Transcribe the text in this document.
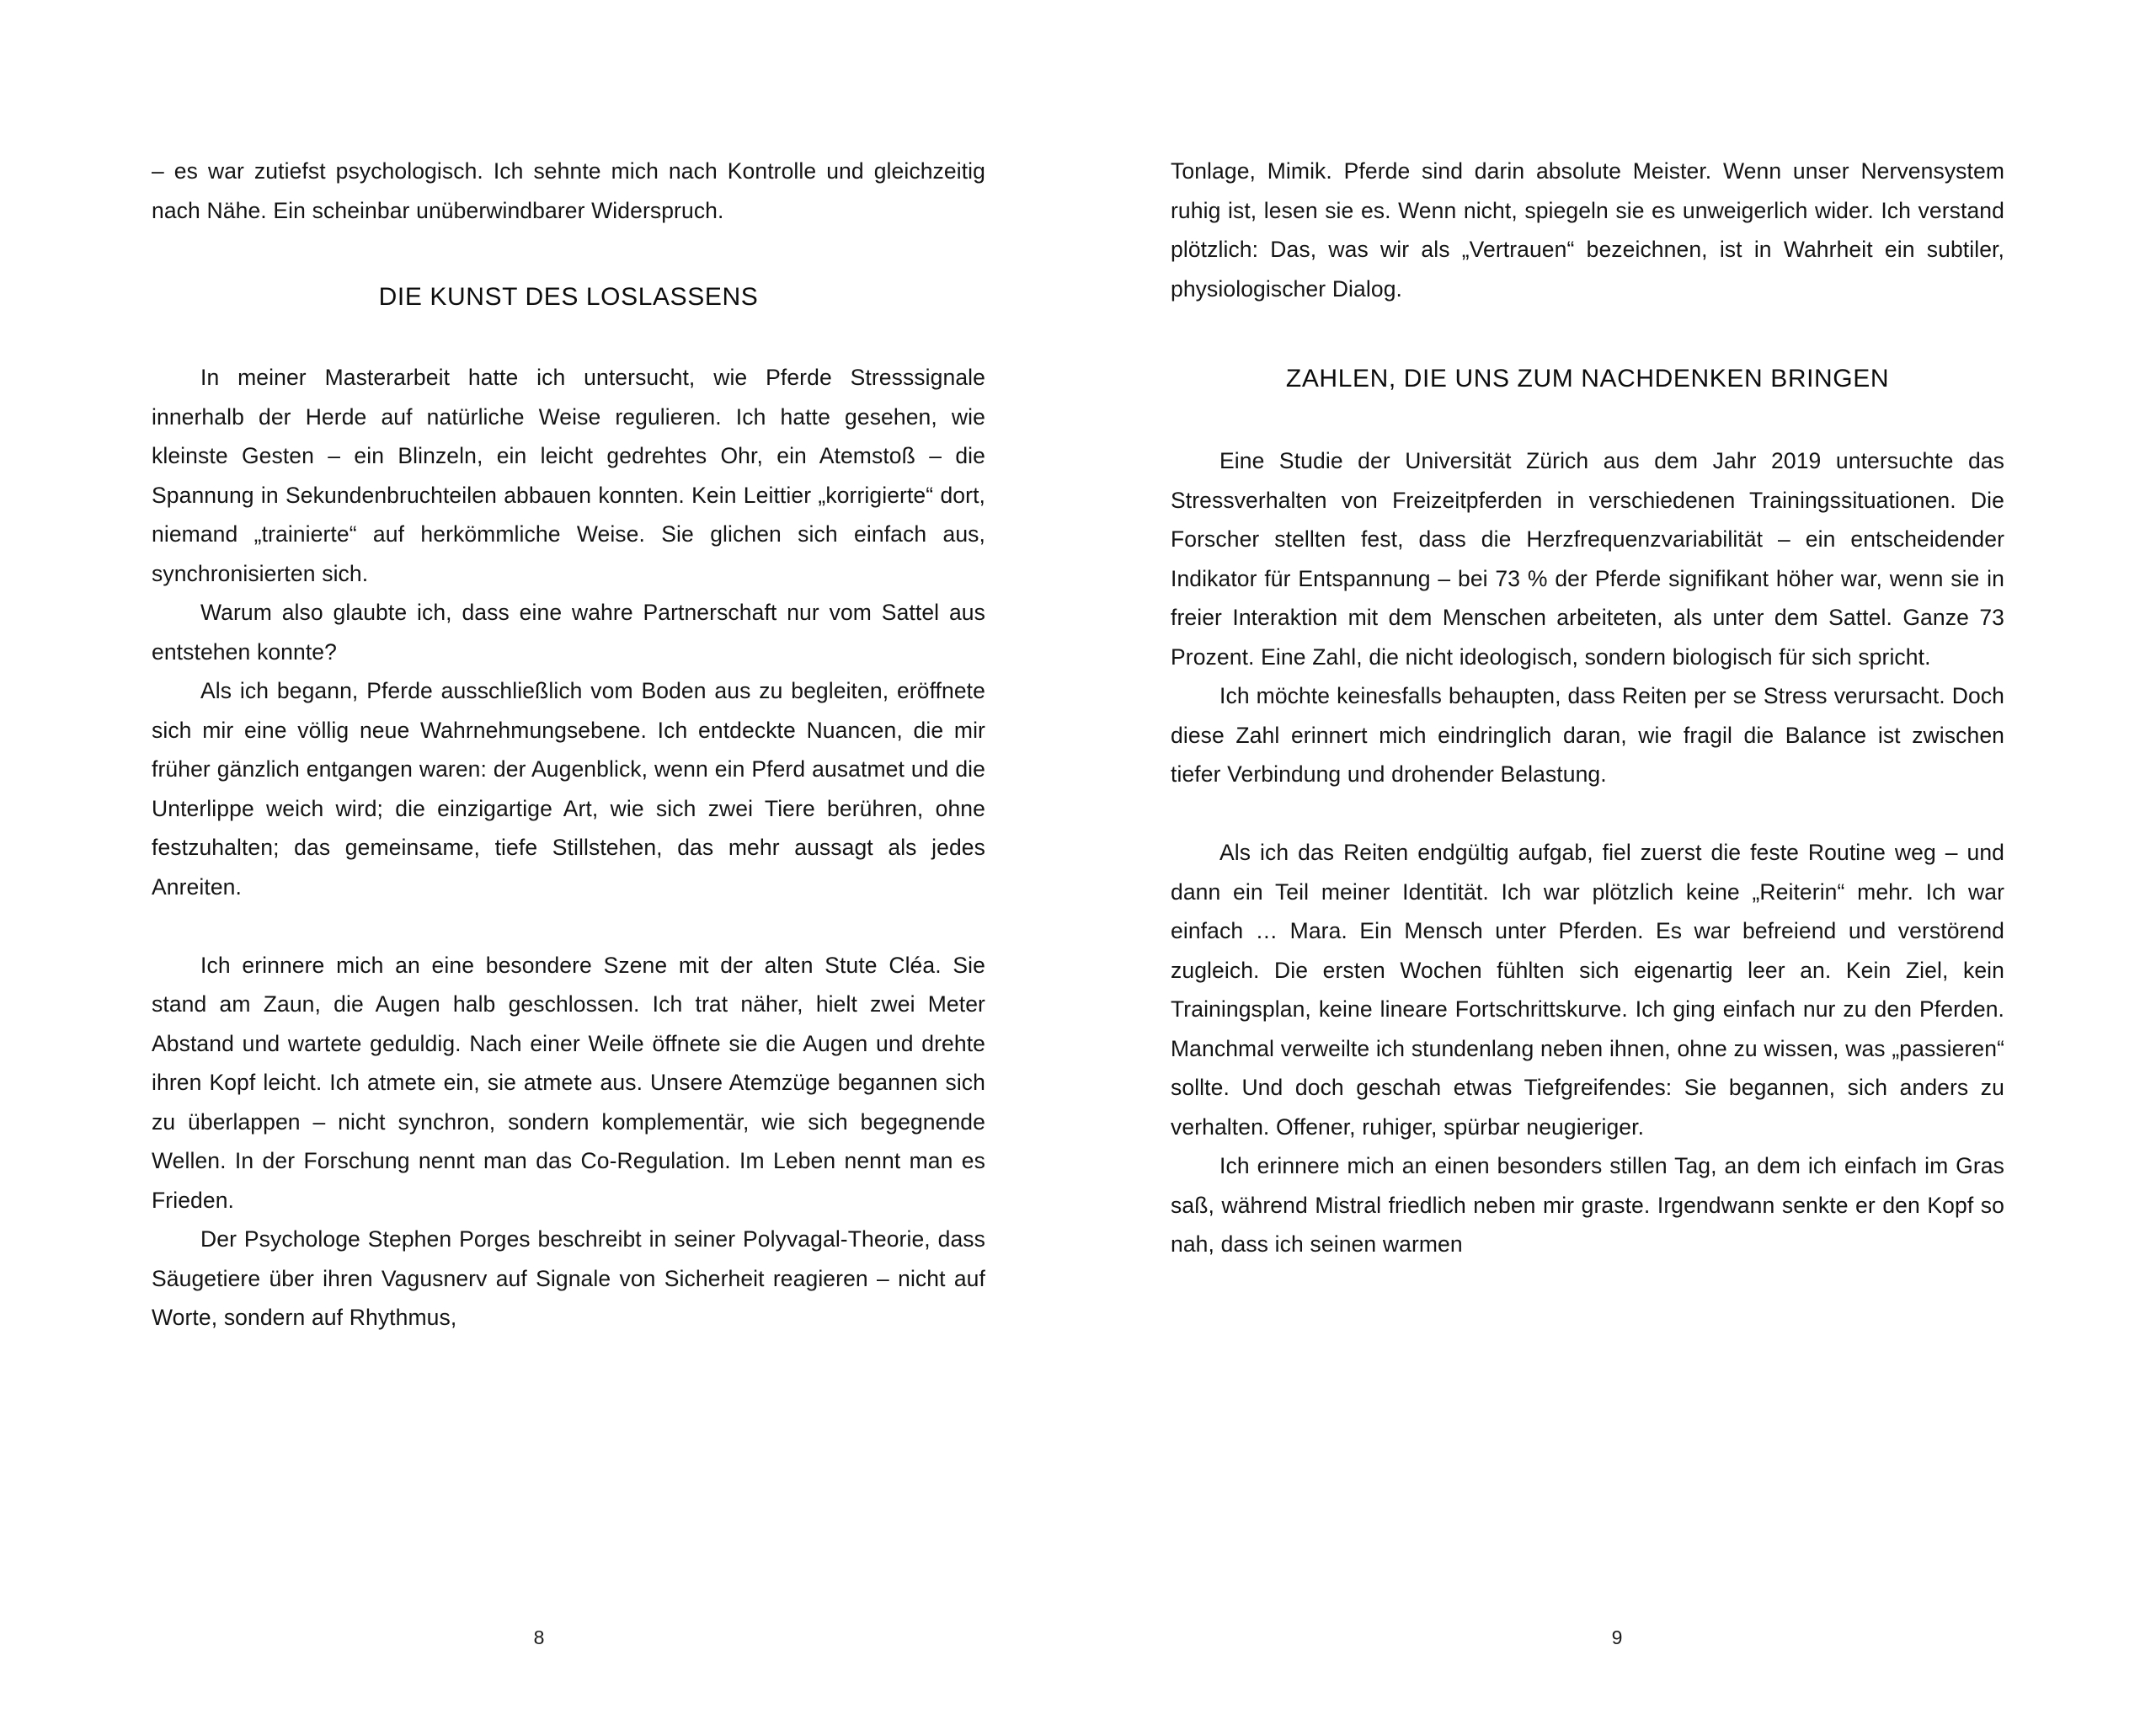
– es war zutiefst psychologisch. Ich sehnte mich nach Kontrolle und gleichzeitig nach Nähe. Ein scheinbar unüberwindbarer Widerspruch.

DIE KUNST DES LOSLASSENS

In meiner Masterarbeit hatte ich untersucht, wie Pferde Stresssignale innerhalb der Herde auf natürliche Weise regulieren. Ich hatte gesehen, wie kleinste Gesten – ein Blinzeln, ein leicht gedrehtes Ohr, ein Atemstoß – die Spannung in Sekundenbruchteilen abbauen konnten. Kein Leittier „korrigierte“ dort, niemand „trainierte“ auf herkömmliche Weise. Sie glichen sich einfach aus, synchronisierten sich.

Warum also glaubte ich, dass eine wahre Partnerschaft nur vom Sattel aus entstehen konnte?

Als ich begann, Pferde ausschließlich vom Boden aus zu begleiten, eröffnete sich mir eine völlig neue Wahrnehmungsebene. Ich entdeckte Nuancen, die mir früher gänzlich entgangen waren: der Augenblick, wenn ein Pferd ausatmet und die Unterlippe weich wird; die einzigartige Art, wie sich zwei Tiere berühren, ohne festzuhalten; das gemeinsame, tiefe Stillstehen, das mehr aussagt als jedes Anreiten.

Ich erinnere mich an eine besondere Szene mit der alten Stute Cléa. Sie stand am Zaun, die Augen halb geschlossen. Ich trat näher, hielt zwei Meter Abstand und wartete geduldig. Nach einer Weile öffnete sie die Augen und drehte ihren Kopf leicht. Ich atmete ein, sie atmete aus. Unsere Atemzüge begannen sich zu überlappen – nicht synchron, sondern komplementär, wie sich begegnende Wellen. In der Forschung nennt man das Co-Regulation. Im Leben nennt man es Frieden.

Der Psychologe Stephen Porges beschreibt in seiner Polyvagal-Theorie, dass Säugetiere über ihren Vagusnerv auf Signale von Sicherheit reagieren – nicht auf Worte, sondern auf Rhythmus,

8

Tonlage, Mimik. Pferde sind darin absolute Meister. Wenn unser Nervensystem ruhig ist, lesen sie es. Wenn nicht, spiegeln sie es unweigerlich wider. Ich verstand plötzlich: Das, was wir als „Vertrauen“ bezeichnen, ist in Wahrheit ein subtiler, physiologischer Dialog.

ZAHLEN, DIE UNS ZUM NACHDENKEN BRINGEN

Eine Studie der Universität Zürich aus dem Jahr 2019 untersuchte das Stressverhalten von Freizeitpferden in verschiedenen Trainingssituationen. Die Forscher stellten fest, dass die Herzfrequenzvariabilität – ein entscheidender Indikator für Entspannung – bei 73 % der Pferde signifikant höher war, wenn sie in freier Interaktion mit dem Menschen arbeiteten, als unter dem Sattel. Ganze 73 Prozent. Eine Zahl, die nicht ideologisch, sondern biologisch für sich spricht.

Ich möchte keinesfalls behaupten, dass Reiten per se Stress verursacht. Doch diese Zahl erinnert mich eindringlich daran, wie fragil die Balance ist zwischen tiefer Verbindung und drohender Belastung.

Als ich das Reiten endgültig aufgab, fiel zuerst die feste Routine weg – und dann ein Teil meiner Identität. Ich war plötzlich keine „Reiterin“ mehr. Ich war einfach … Mara. Ein Mensch unter Pferden. Es war befreiend und verstörend zugleich. Die ersten Wochen fühlten sich eigenartig leer an. Kein Ziel, kein Trainingsplan, keine lineare Fortschrittskurve. Ich ging einfach nur zu den Pferden. Manchmal verweilte ich stundenlang neben ihnen, ohne zu wissen, was „passieren“ sollte. Und doch geschah etwas Tiefgreifendes: Sie begannen, sich anders zu verhalten. Offener, ruhiger, spürbar neugieriger.

Ich erinnere mich an einen besonders stillen Tag, an dem ich einfach im Gras saß, während Mistral friedlich neben mir graste. Irgendwann senkte er den Kopf so nah, dass ich seinen warmen

9
